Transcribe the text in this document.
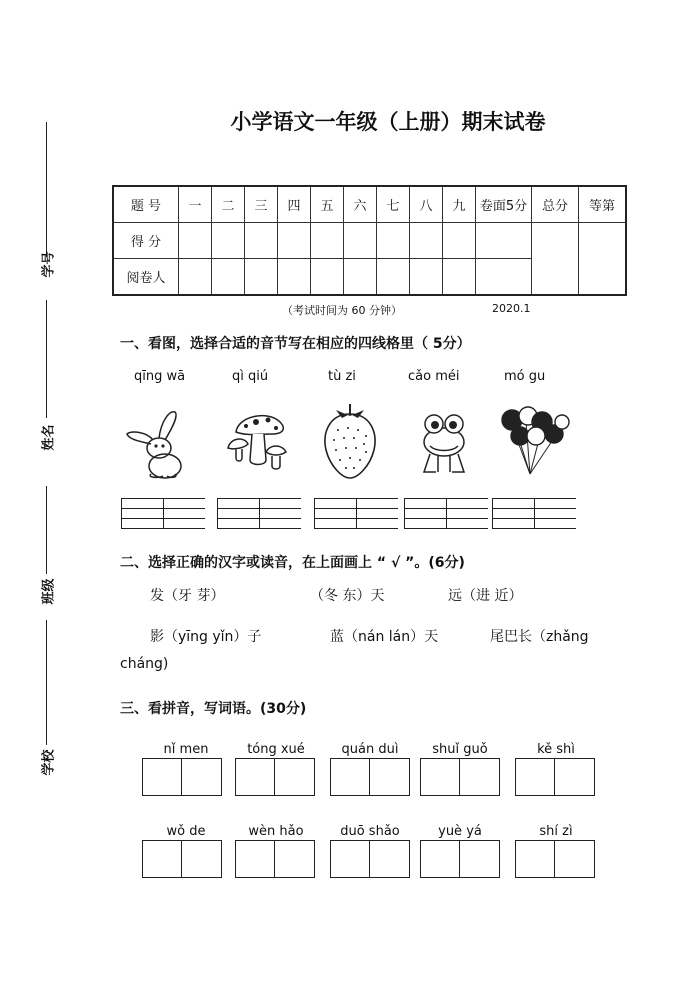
学号
姓名
班级
学校
小学语文一年级（上册）期末试卷
题 号	一	二	三	四	五	六	七	八	九	卷面5分	总分	等第
得 分												
阅卷人												
（考试时间为 60 分钟）	2020.1
一、看图，选择合适的音节写在相应的四线格里（ 5分）
qīng wā	qì qiú	tù zi	cǎo méi	mó gu
二、选择正确的汉字或读音，在上面画上 “ √ ”。(6分)
发（牙 芽）	（冬 东）天	远（进 近）
影（yīng yǐn）子	蓝（nán lán）天	尾巴长（zhǎng
cháng)
三、看拼音，写词语。(30分)
nǐ men	tóng xué	quán duì	shuǐ guǒ	kě shì
wǒ de	wèn hǎo	duō shǎo	yuè yá	shí zì
